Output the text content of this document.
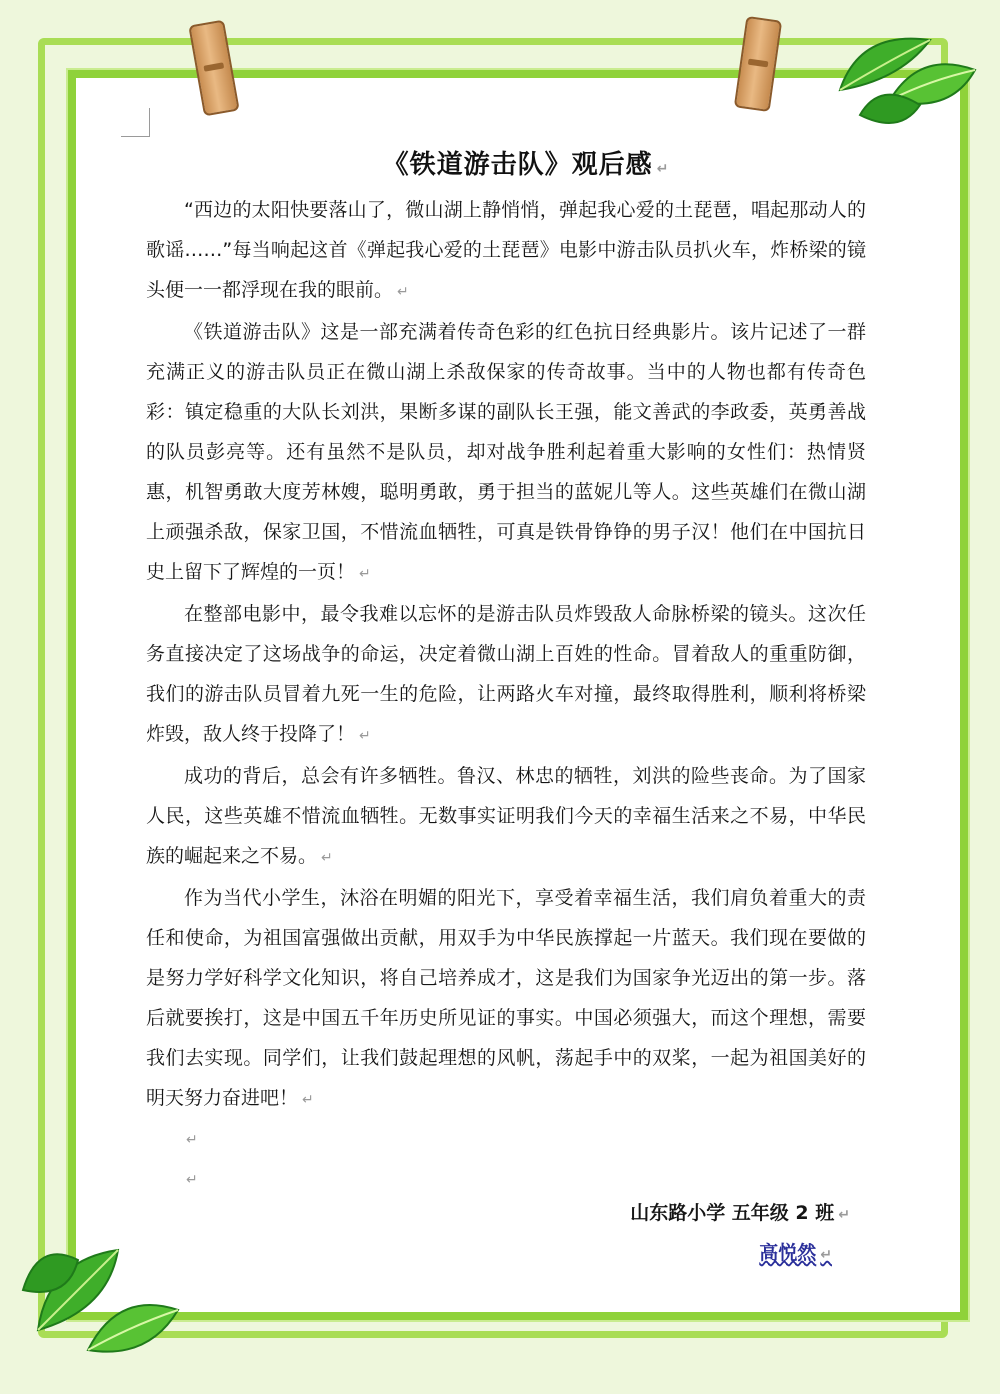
《铁道游击队》观后感 ↵

“西边的太阳快要落山了，微山湖上静悄悄，弹起我心爱的土琵琶，唱起那动人的歌谣……”每当响起这首《弹起我心爱的土琵琶》电影中游击队员扒火车，炸桥梁的镜头便一一都浮现在我的眼前。 ↵

《铁道游击队》这是一部充满着传奇色彩的红色抗日经典影片。该片记述了一群充满正义的游击队员正在微山湖上杀敌保家的传奇故事。当中的人物也都有传奇色彩：镇定稳重的大队长刘洪，果断多谋的副队长王强，能文善武的李政委，英勇善战的队员彭亮等。还有虽然不是队员，却对战争胜利起着重大影响的女性们：热情贤惠，机智勇敢大度芳林嫂，聪明勇敢，勇于担当的蓝妮儿等人。这些英雄们在微山湖上顽强杀敌，保家卫国，不惜流血牺牲，可真是铁骨铮铮的男子汉！他们在中国抗日史上留下了辉煌的一页！ ↵

在整部电影中，最令我难以忘怀的是游击队员炸毁敌人命脉桥梁的镜头。这次任务直接决定了这场战争的命运，决定着微山湖上百姓的性命。冒着敌人的重重防御，我们的游击队员冒着九死一生的危险，让两路火车对撞，最终取得胜利，顺利将桥梁炸毁，敌人终于投降了！ ↵

成功的背后，总会有许多牺牲。鲁汉、林忠的牺牲，刘洪的险些丧命。为了国家人民，这些英雄不惜流血牺牲。无数事实证明我们今天的幸福生活来之不易，中华民族的崛起来之不易。 ↵

作为当代小学生，沐浴在明媚的阳光下，享受着幸福生活，我们肩负着重大的责任和使命，为祖国富强做出贡献，用双手为中华民族撑起一片蓝天。我们现在要做的是努力学好科学文化知识，将自己培养成才，这是我们为国家争光迈出的第一步。落后就要挨打，这是中国五千年历史所见证的事实。中国必须强大，而这个理想，需要我们去实现。同学们，让我们鼓起理想的风帆，荡起手中的双桨，一起为祖国美好的明天努力奋进吧！ ↵

↵
↵
山东路小学 五年级 2 班 ↵
高悦然 ↵
